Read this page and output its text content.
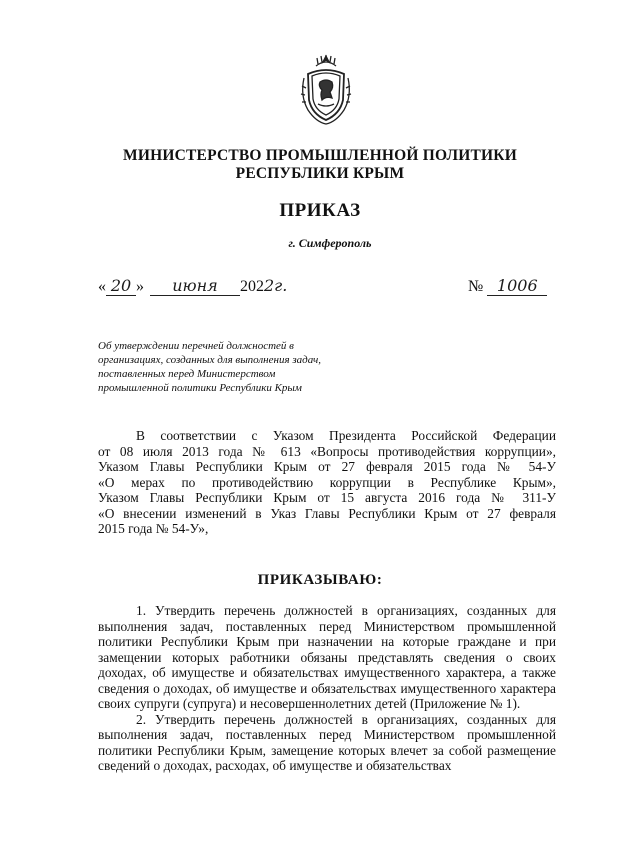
МИНИСТЕРСТВО ПРОМЫШЛЕННОЙ ПОЛИТИКИ
РЕСПУБЛИКИ КРЫМ
ПРИКАЗ
г. Симферополь
« 20 » июня 2022г.	№ 1006
Об утверждении перечней должностей в организациях, созданных для выполнения задач, поставленных перед Министерством промышленной политики Республики Крым
В соответствии с Указом Президента Российской Федерации
от 08 июля 2013 года № 613 «Вопросы противодействия коррупции»,
Указом Главы Республики Крым от 27 февраля 2015 года № 54-У
«О мерах по противодействию коррупции в Республике Крым»,
Указом Главы Республики Крым от 15 августа 2016 года № 311-У
«О внесении изменений в Указ Главы Республики Крым от 27 февраля
2015 года № 54-У»,
ПРИКАЗЫВАЮ:

1. Утвердить перечень должностей в организациях, созданных для выполнения задач, поставленных перед Министерством промышленной политики Республики Крым при назначении на которые граждане и при замещении которых работники обязаны представлять сведения о своих доходах, об имуществе и обязательствах имущественного характера, а также сведения о доходах, об имуществе и обязательствах имущественного характера своих супруги (супруга) и несовершеннолетних детей (Приложение № 1).

2. Утвердить перечень должностей в организациях, созданных для выполнения задач, поставленных перед Министерством промышленной политики Республики Крым, замещение которых влечет за собой размещение сведений о доходах, расходах, об имуществе и обязательствах
